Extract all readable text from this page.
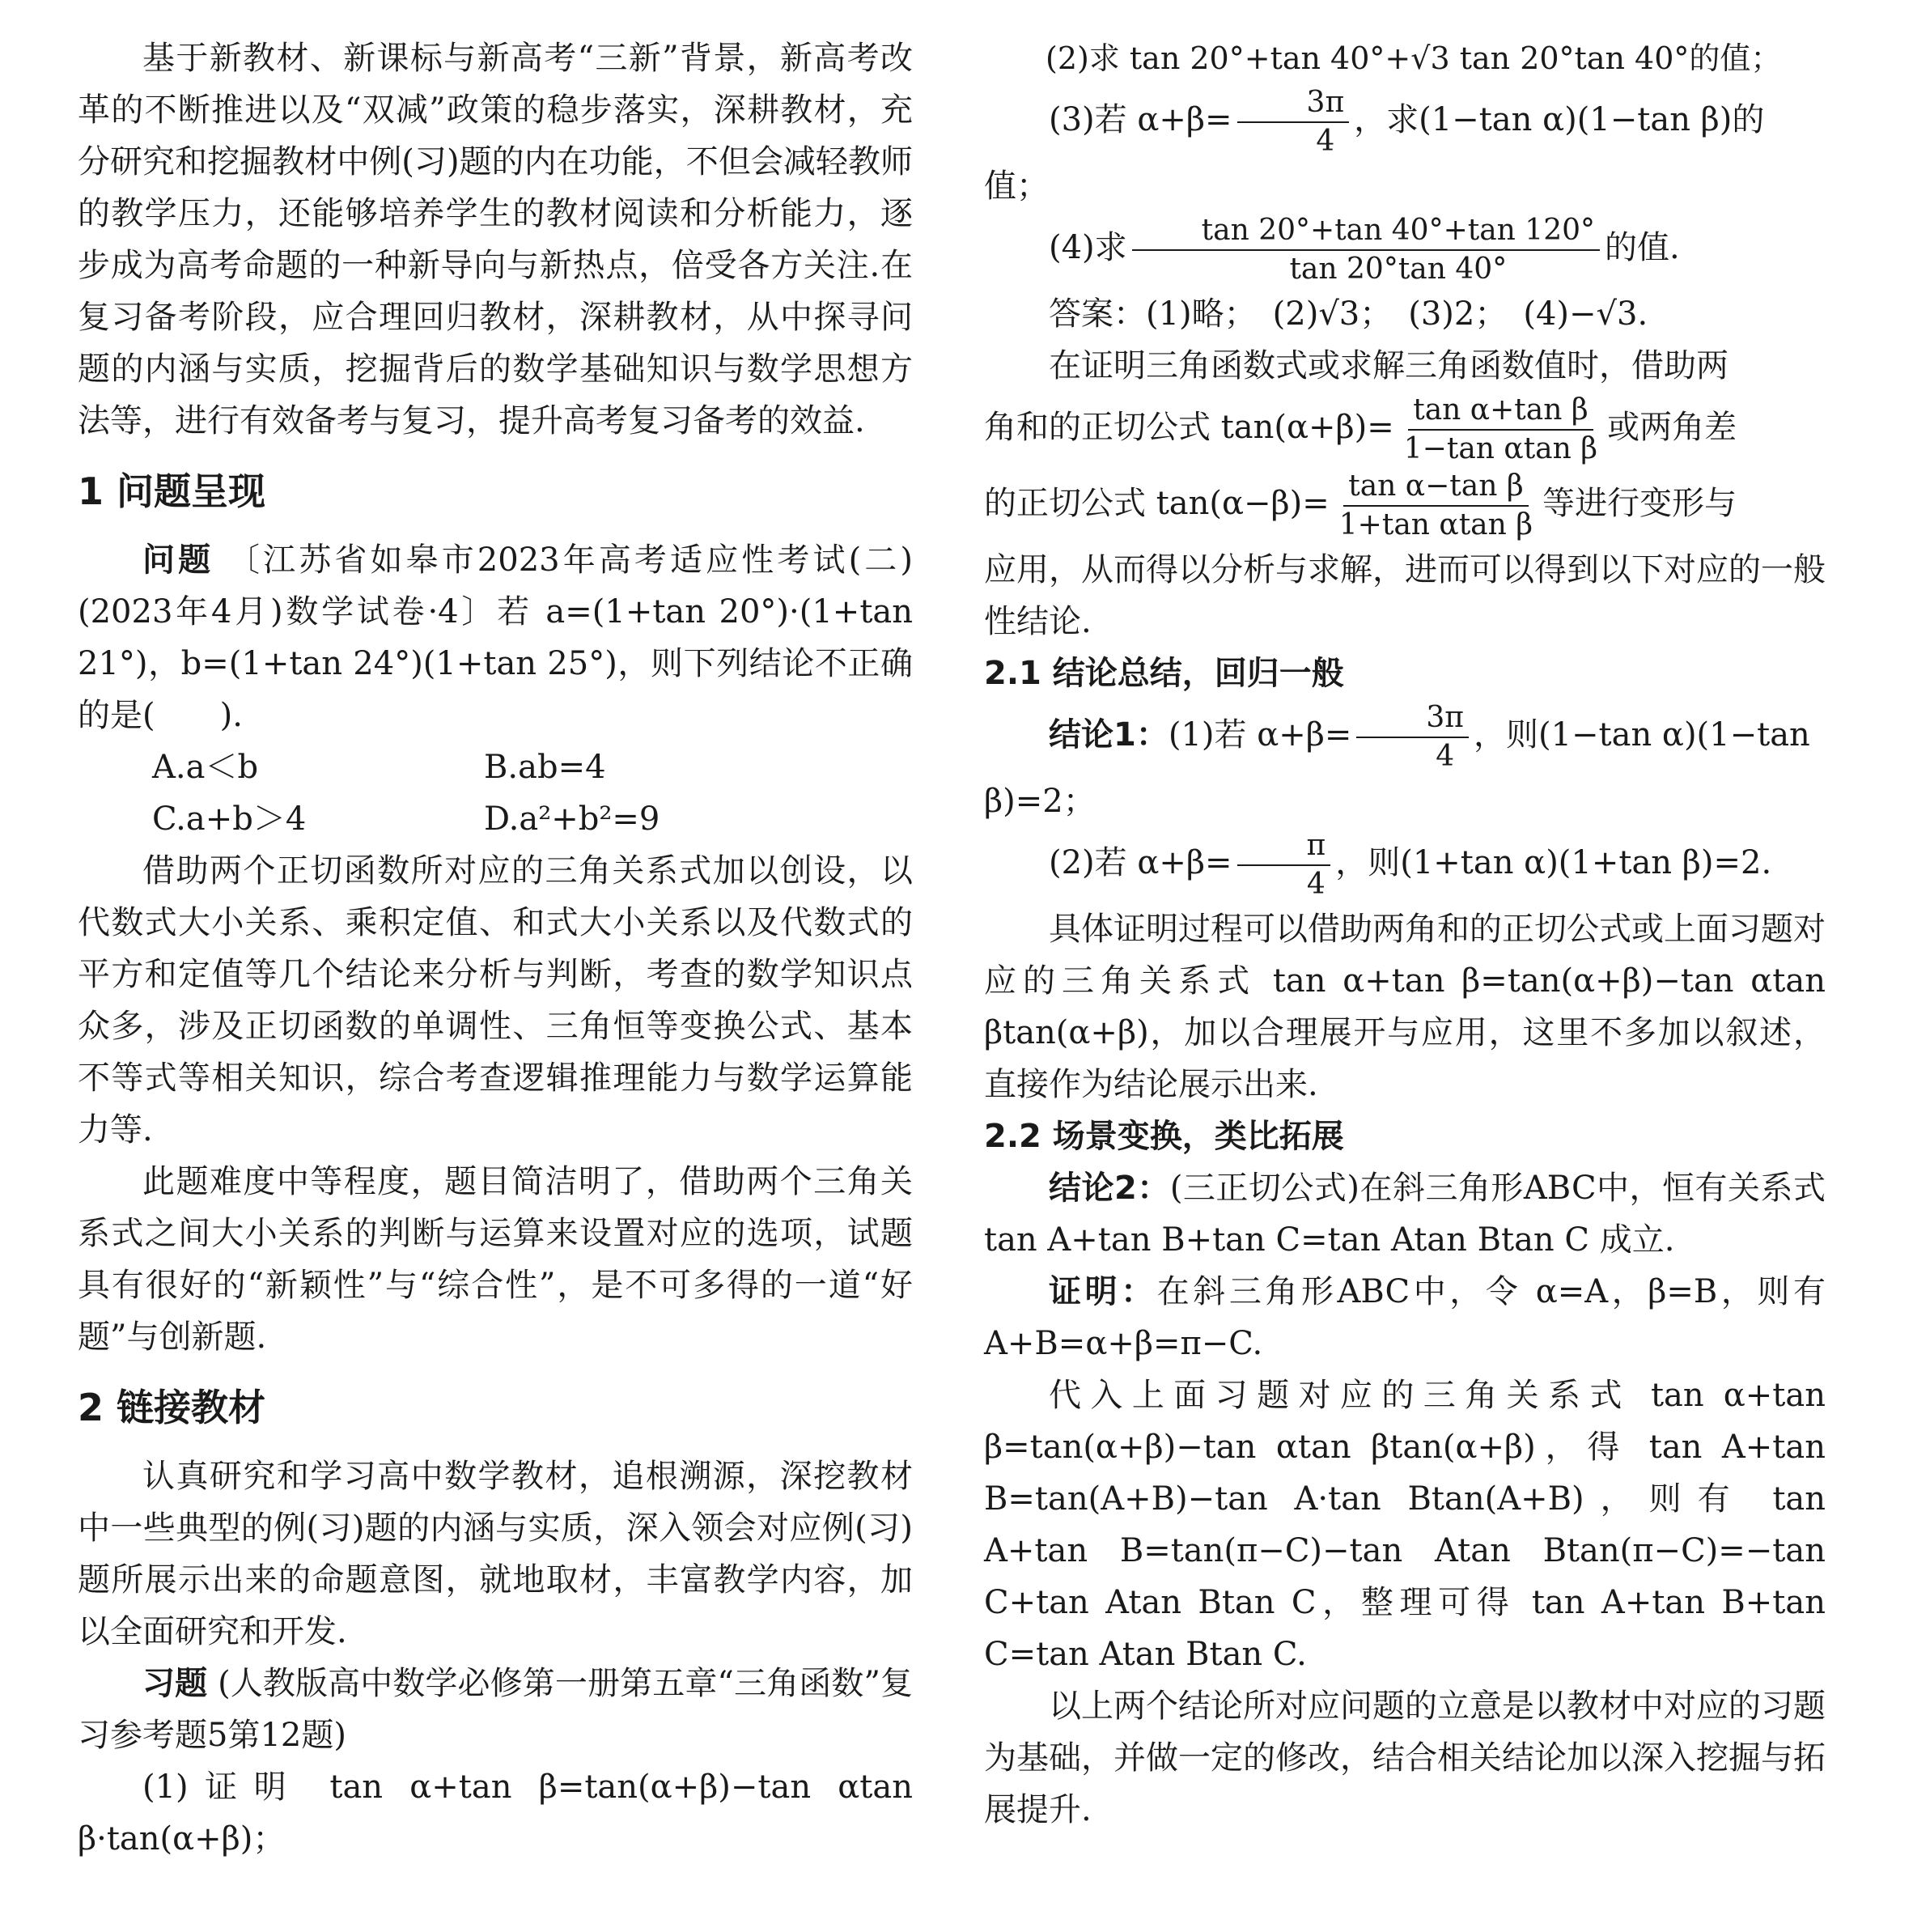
基于新教材、新课标与新高考“三新”背景，新高考改革的不断推进以及“双减”政策的稳步落实，深耕教材，充分研究和挖掘教材中例(习)题的内在功能，不但会减轻教师的教学压力，还能够培养学生的教材阅读和分析能力，逐步成为高考命题的一种新导向与新热点，倍受各方关注.在复习备考阶段，应合理回归教材，深耕教材，从中探寻问题的内涵与实质，挖掘背后的数学基础知识与数学思想方法等，进行有效备考与复习，提升高考复习备考的效益.

1 问题呈现

问题 〔江苏省如皋市2023年高考适应性考试(二)(2023年4月)数学试卷·4〕若 a=(1+tan 20°)·(1+tan 21°)，b=(1+tan 24°)(1+tan 25°)，则下列结论不正确的是(　　).

A.a＜b	B.ab=4
C.a+b＞4	D.a²+b²=9

借助两个正切函数所对应的三角关系式加以创设，以代数式大小关系、乘积定值、和式大小关系以及代数式的平方和定值等几个结论来分析与判断，考查的数学知识点众多，涉及正切函数的单调性、三角恒等变换公式、基本不等式等相关知识，综合考查逻辑推理能力与数学运算能力等.

此题难度中等程度，题目简洁明了，借助两个三角关系式之间大小关系的判断与运算来设置对应的选项，试题具有很好的“新颖性”与“综合性”，是不可多得的一道“好题”与创新题.

2 链接教材

认真研究和学习高中数学教材，追根溯源，深挖教材中一些典型的例(习)题的内涵与实质，深入领会对应例(习)题所展示出来的命题意图，就地取材，丰富教学内容，加以全面研究和开发.

习题 (人教版高中数学必修第一册第五章“三角函数”复习参考题5第12题)

(1)证明 tan α+tan β=tan(α+β)−tan αtan β·tan(α+β)；

(2)求 tan 20°+tan 40°+√3 tan 20°tan 40°的值；

(3)若 $\alpha+\beta= \frac{3\pi}{4}$ ，求(1−tan α)(1−tan β)的值；
(4)求 $\frac{\tan 20^\circ+\tan 40^\circ+\tan 120^\circ}{\tan 20^\circ\tan 40^\circ}$ 的值.

答案：(1)略；　(2)√3；　(3)2；　(4)−√3.

在证明三角函数式或求解三角函数值时，借助两

角和的正切公式 $\tan(\alpha+\beta)= \frac{\text{tan α+tan β}}{\text{1−tan αtan β}}$ 或两角差
的正切公式 $\tan(\alpha-\beta)= \frac{\text{tan α−tan β}}{\text{1+tan αtan β}}$ 等进行变形与

应用，从而得以分析与求解，进而可以得到以下对应的一般性结论.

2.1 结论总结，回归一般
结论1：(1)若 $\alpha+\beta= \frac{3\pi}{4}$ ，则(1−tan α)(1−tan β)=2；
(2)若 $\alpha+\beta= \frac{\pi}{4}$ ，则(1+tan α)(1+tan β)=2.

具体证明过程可以借助两角和的正切公式或上面习题对应的三角关系式 tan α+tan β=tan(α+β)−tan αtan βtan(α+β)，加以合理展开与应用，这里不多加以叙述，直接作为结论展示出来.

2.2 场景变换，类比拓展

结论2：(三正切公式)在斜三角形ABC中，恒有关系式 tan A+tan B+tan C=tan Atan Btan C 成立.

证明：在斜三角形ABC中，令 α=A，β=B，则有 A+B=α+β=π−C.

代入上面习题对应的三角关系式 tan α+tan β=tan(α+β)−tan αtan βtan(α+β)，得 tan A+tan B=tan(A+B)−tan A·tan Btan(A+B)，则有 tan A+tan B=tan(π−C)−tan Atan Btan(π−C)=−tan C+tan Atan Btan C，整理可得 tan A+tan B+tan C=tan Atan Btan C.

以上两个结论所对应问题的立意是以教材中对应的习题为基础，并做一定的修改，结合相关结论加以深入挖掘与拓展提升.
